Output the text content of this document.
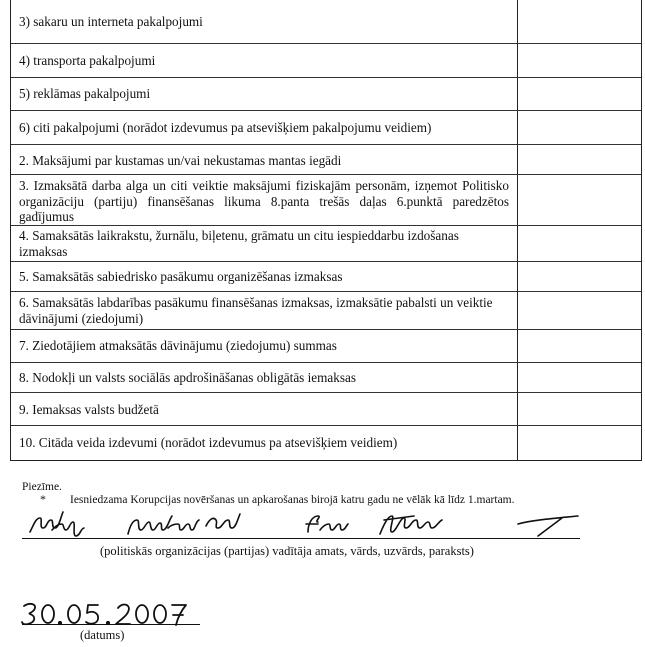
3) sakaru un interneta pakalpojumi
4) transporta pakalpojumi
5) reklāmas pakalpojumi
6) citi pakalpojumi (norādot izdevumus pa atsevišķiem pakalpojumu veidiem)
2. Maksājumi par kustamas un/vai nekustamas mantas iegādi
3. Izmaksātā darba alga un citi veiktie maksājumi fiziskajām personām, izņemot Politisko organizāciju (partiju) finansēšanas likuma 8.panta trešās daļas 6.punktā paredzētos gadījumus
4. Samaksātās laikrakstu, žurnālu, biļetenu, grāmatu un citu iespieddarbu izdošanas izmaksas
5. Samaksātās sabiedrisko pasākumu organizēšanas izmaksas
6. Samaksātās labdarības pasākumu finansēšanas izmaksas, izmaksātie pabalsti un veiktie dāvinājumi (ziedojumi)
7. Ziedotājiem atmaksātās dāvinājumu (ziedojumu) summas
8. Nodokļi un valsts sociālās apdrošināšanas obligātās iemaksas
9. Iemaksas valsts budžetā
10. Citāda veida izdevumi (norādot izdevumus pa atsevišķiem veidiem)
Piezīme.
* Iesniedzama Korupcijas novēršanas un apkarošanas birojā katru gadu ne vēlāk kā līdz 1.martam.
(politiskās organizācijas (partijas) vadītāja amats, vārds, uzvārds, paraksts)
(datums)
